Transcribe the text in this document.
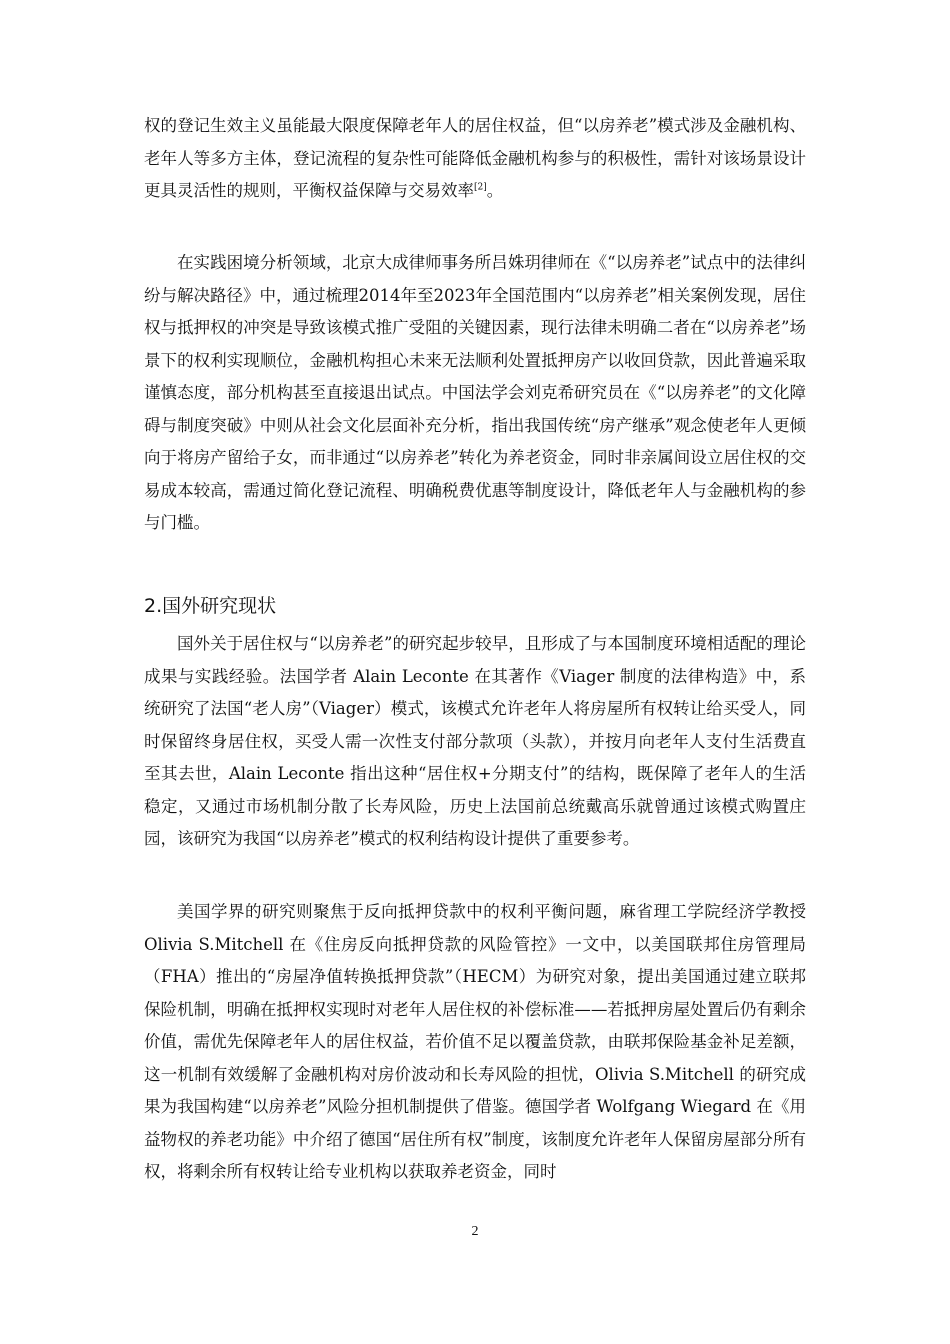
权的登记生效主义虽能最大限度保障老年人的居住权益，但“以房养老”模式涉及金融机构、老年人等多方主体，登记流程的复杂性可能降低金融机构参与的积极性，需针对该场景设计更具灵活性的规则，平衡权益保障与交易效率[2]。

在实践困境分析领域，北京大成律师事务所吕姝玥律师在《“以房养老”试点中的法律纠纷与解决路径》中，通过梳理2014年至2023年全国范围内“以房养老”相关案例发现，居住权与抵押权的冲突是导致该模式推广受阻的关键因素，现行法律未明确二者在“以房养老”场景下的权利实现顺位，金融机构担心未来无法顺利处置抵押房产以收回贷款，因此普遍采取谨慎态度，部分机构甚至直接退出试点。中国法学会刘克希研究员在《“以房养老”的文化障碍与制度突破》中则从社会文化层面补充分析，指出我国传统“房产继承”观念使老年人更倾向于将房产留给子女，而非通过“以房养老”转化为养老资金，同时非亲属间设立居住权的交易成本较高，需通过简化登记流程、明确税费优惠等制度设计，降低老年人与金融机构的参与门槛。

2.国外研究现状

国外关于居住权与“以房养老”的研究起步较早，且形成了与本国制度环境相适配的理论成果与实践经验。法国学者 Alain Leconte 在其著作《Viager 制度的法律构造》中，系统研究了法国“老人房”（Viager）模式，该模式允许老年人将房屋所有权转让给买受人，同时保留终身居住权，买受人需一次性支付部分款项（头款），并按月向老年人支付生活费直至其去世，Alain Leconte 指出这种“居住权+分期支付”的结构，既保障了老年人的生活稳定，又通过市场机制分散了长寿风险，历史上法国前总统戴高乐就曾通过该模式购置庄园，该研究为我国“以房养老”模式的权利结构设计提供了重要参考。

美国学界的研究则聚焦于反向抵押贷款中的权利平衡问题，麻省理工学院经济学教授 Olivia S.Mitchell 在《住房反向抵押贷款的风险管控》一文中，以美国联邦住房管理局（FHA）推出的“房屋净值转换抵押贷款”（HECM）为研究对象，提出美国通过建立联邦保险机制，明确在抵押权实现时对老年人居住权的补偿标准——若抵押房屋处置后仍有剩余价值，需优先保障老年人的居住权益，若价值不足以覆盖贷款，由联邦保险基金补足差额，这一机制有效缓解了金融机构对房价波动和长寿风险的担忧，Olivia S.Mitchell 的研究成果为我国构建“以房养老”风险分担机制提供了借鉴。德国学者 Wolfgang Wiegard 在《用益物权的养老功能》中介绍了德国“居住所有权”制度，该制度允许老年人保留房屋部分所有权，将剩余所有权转让给专业机构以获取养老资金，同时

2
